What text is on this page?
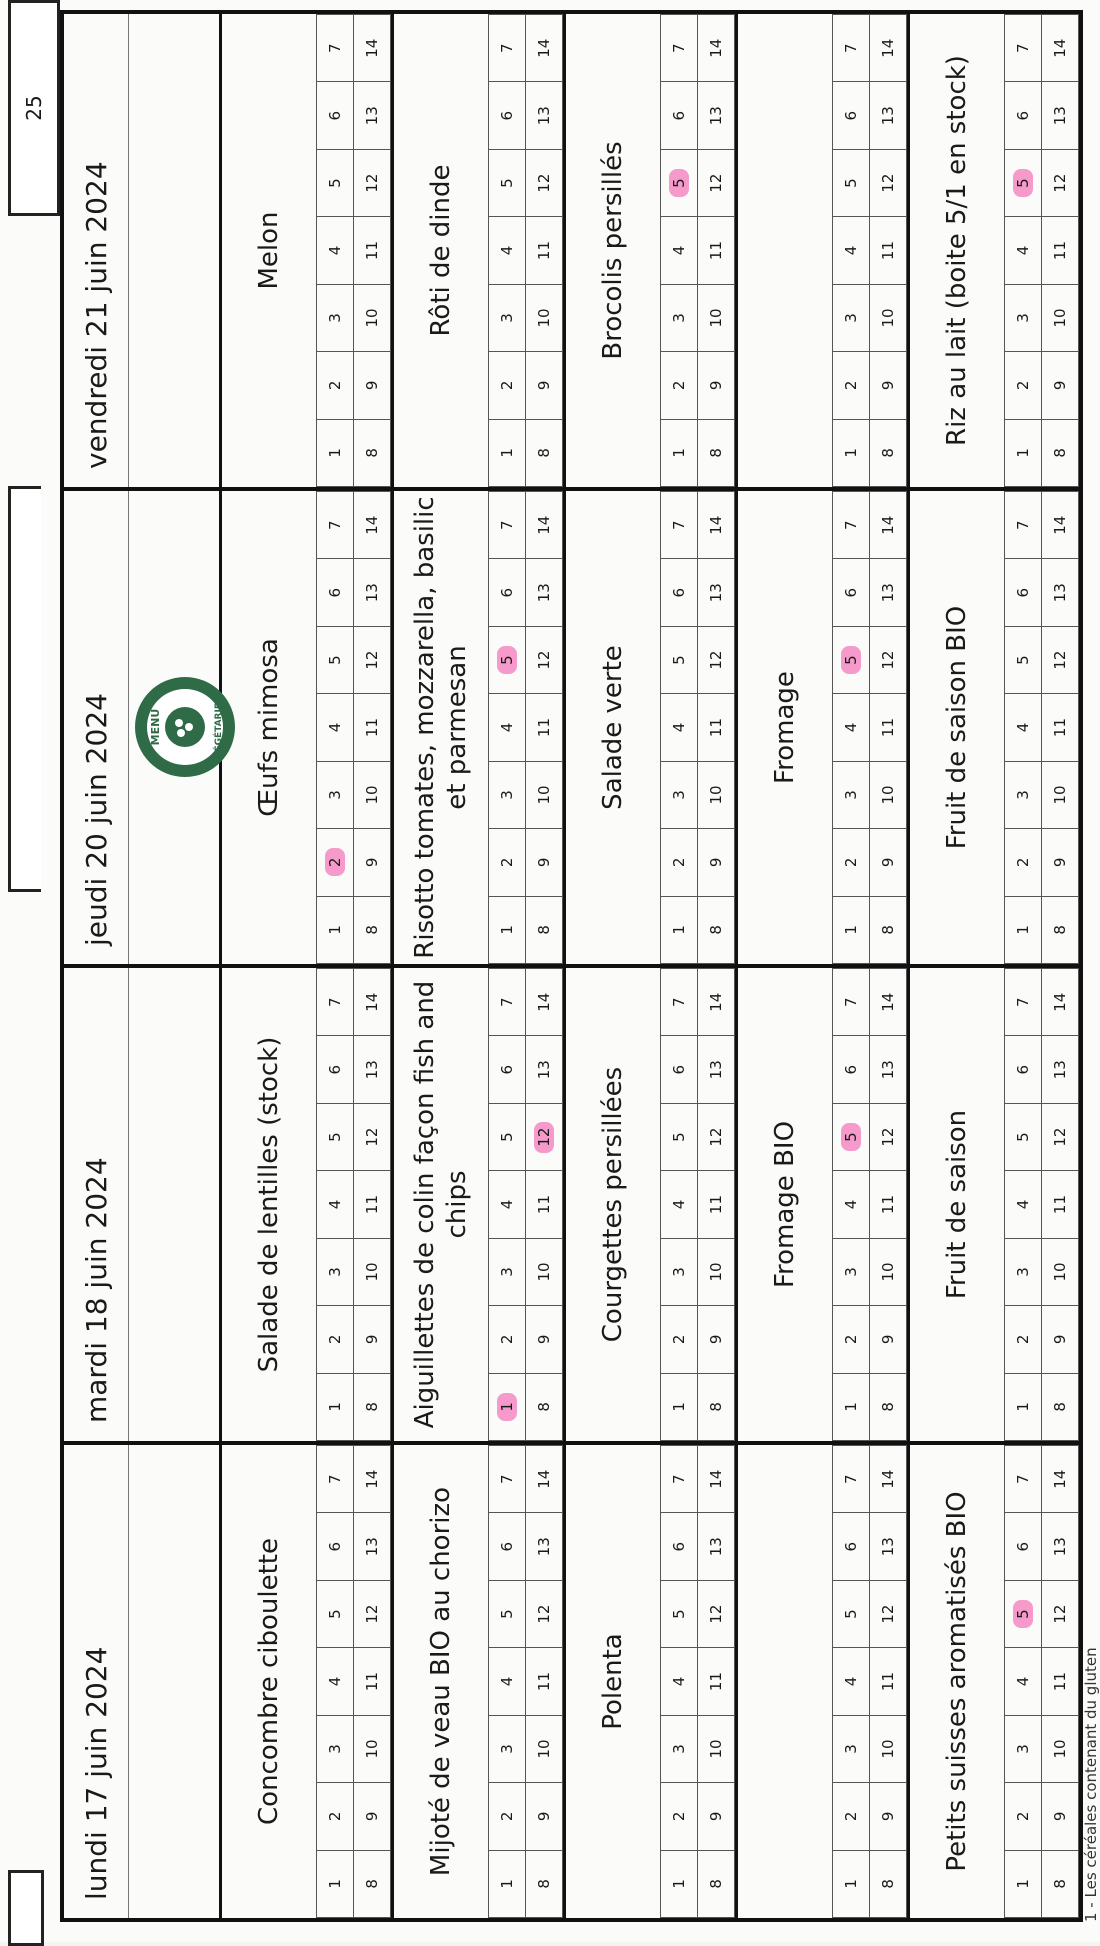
25
lundi 17 juin 2024	mardi 18 juin 2024	jeudi 20 juin 2024	vendredi 21 juin 2024

MENU	VÉGÉTARIEN

Concombre ciboulette	Salade de lentilles (stock)	Œufs mimosa	Melon

1	2	3	4	5	6	7
8	9	10	11	12	13	14

1	2	3	4	5	6	7
8	9	10	11	12	13	14

1	2	3	4	5	6	7
8	9	10	11	12	13	14

1	2	3	4	5	6	7
8	9	10	11	12	13	14

Mijoté de veau BIO au chorizo	Aiguillettes de colin façon fish and chips	Risotto tomates, mozzarella, basilic et parmesan	Rôti de dinde

1	2	3	4	5	6	7
8	9	10	11	12	13	14

1	2	3	4	5	6	7
8	9	10	11	12	13	14

1	2	3	4	5	6	7
8	9	10	11	12	13	14

1	2	3	4	5	6	7
8	9	10	11	12	13	14

Polenta	Courgettes persillées	Salade verte	Brocolis persillés

1	2	3	4	5	6	7
8	9	10	11	12	13	14

1	2	3	4	5	6	7
8	9	10	11	12	13	14

1	2	3	4	5	6	7
8	9	10	11	12	13	14

1	2	3	4	5	6	7
8	9	10	11	12	13	14

	Fromage BIO	Fromage	

1	2	3	4	5	6	7
8	9	10	11	12	13	14

1	2	3	4	5	6	7
8	9	10	11	12	13	14

1	2	3	4	5	6	7
8	9	10	11	12	13	14

1	2	3	4	5	6	7
8	9	10	11	12	13	14

Petits suisses aromatisés BIO	Fruit de saison	Fruit de saison BIO	Riz au lait (boite 5/1 en stock)

1	2	3	4	5	6	7
8	9	10	11	12	13	14

1	2	3	4	5	6	7
8	9	10	11	12	13	14

1	2	3	4	5	6	7
8	9	10	11	12	13	14

1	2	3	4	5	6	7
8	9	10	11	12	13	14
1 - Les céréales contenant du gluten
